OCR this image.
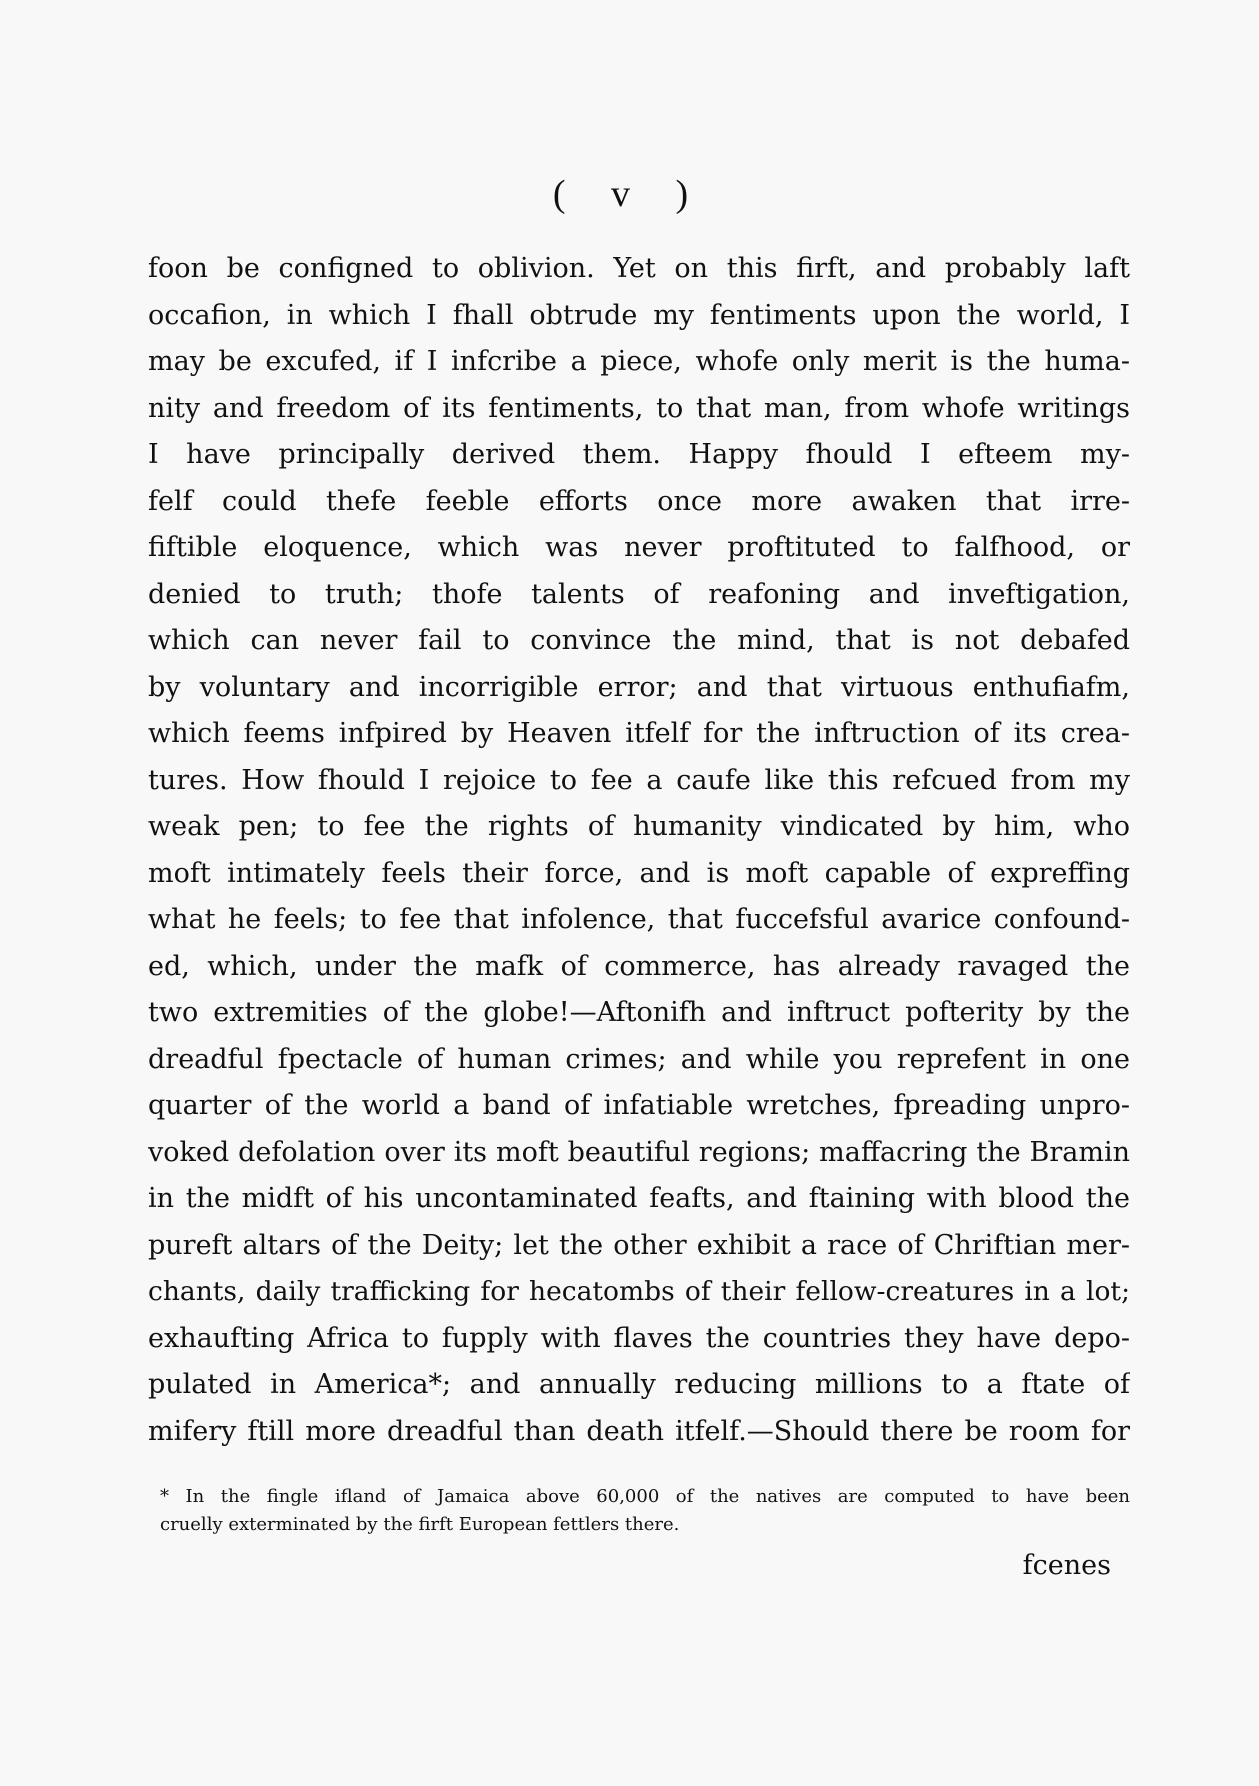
( v )
foon be configned to oblivion. Yet on this firft, and probably laft
occafion, in which I fhall obtrude my fentiments upon the world, I
may be excufed, if I infcribe a piece, whofe only merit is the huma-
nity and freedom of its fentiments, to that man, from whofe writings
I have principally derived them. Happy fhould I efteem my-
felf could thefe feeble efforts once more awaken that irre-
fiftible eloquence, which was never proftituted to falfhood, or
denied to truth; thofe talents of reafoning and inveftigation,
which can never fail to convince the mind, that is not debafed
by voluntary and incorrigible error; and that virtuous enthufiafm,
which feems infpired by Heaven itfelf for the inftruction of its crea-
tures. How fhould I rejoice to fee a caufe like this refcued from my
weak pen; to fee the rights of humanity vindicated by him, who
moft intimately feels their force, and is moft capable of expreffing
what he feels; to fee that infolence, that fuccefsful avarice confound-
ed, which, under the mafk of commerce, has already ravaged the
two extremities of the globe!—Aftonifh and inftruct pofterity by the
dreadful fpectacle of human crimes; and while you reprefent in one
quarter of the world a band of infatiable wretches, fpreading unpro-
voked defolation over its moft beautiful regions; maffacring the Bramin
in the midft of his uncontaminated feafts, and ftaining with blood the
pureft altars of the Deity; let the other exhibit a race of Chriftian mer-
chants, daily trafficking for hecatombs of their fellow-creatures in a lot;
exhaufting Africa to fupply with flaves the countries they have depo-
pulated in America*; and annually reducing millions to a ftate of
mifery ftill more dreadful than death itfelf.—Should there be room for
* In the fingle ifland of Jamaica above 60,000 of the natives are computed to have been
cruelly exterminated by the firft European fettlers there.
fcenes
